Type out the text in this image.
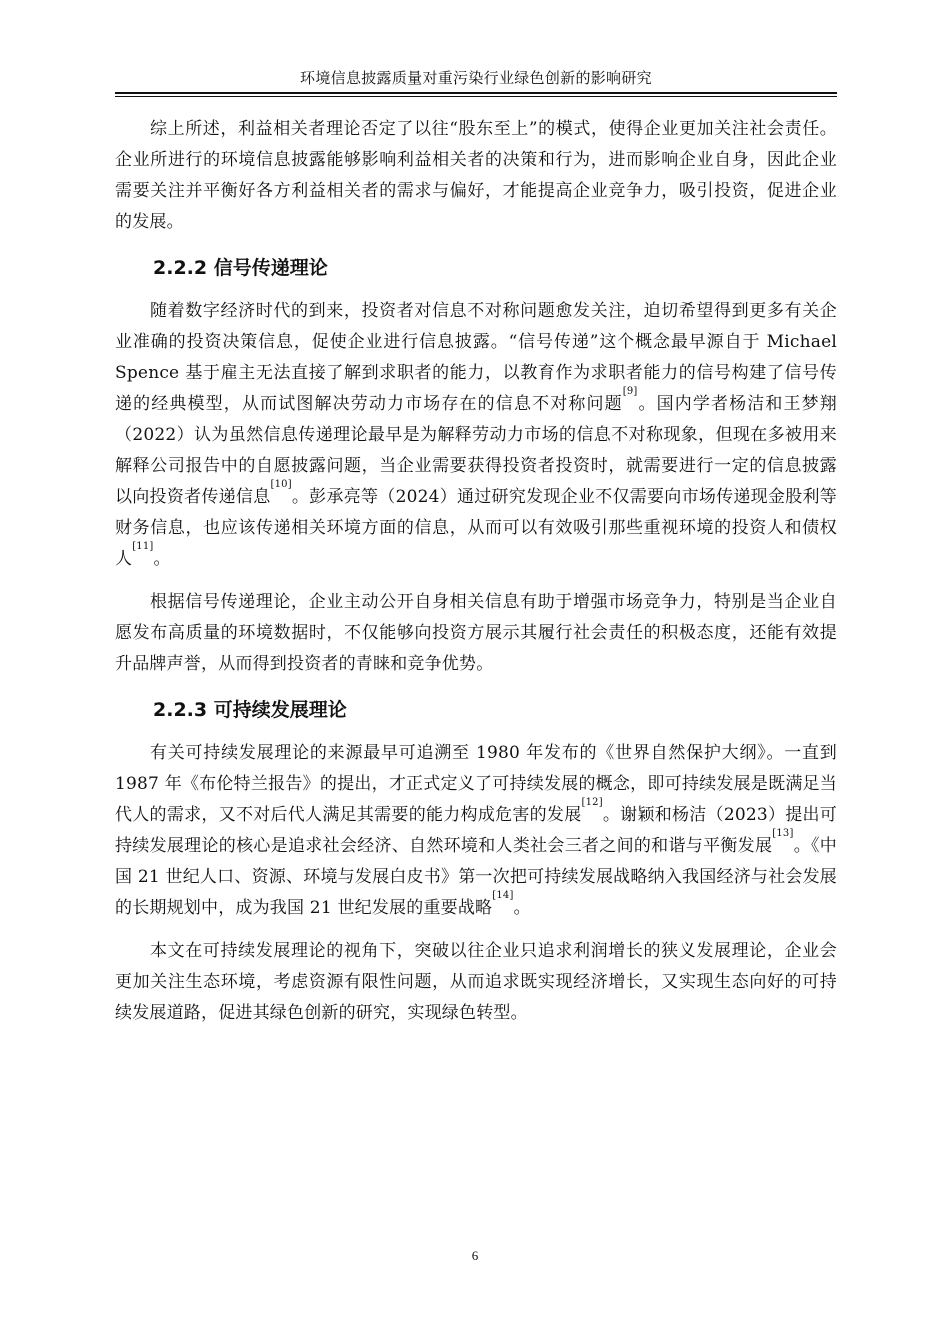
环境信息披露质量对重污染行业绿色创新的影响研究

综上所述，利益相关者理论否定了以往“股东至上”的模式，使得企业更加关注社会责任。企业所进行的环境信息披露能够影响利益相关者的决策和行为，进而影响企业自身，因此企业需要关注并平衡好各方利益相关者的需求与偏好，才能提高企业竞争力，吸引投资，促进企业的发展。

2.2.2 信号传递理论

随着数字经济时代的到来，投资者对信息不对称问题愈发关注，迫切希望得到更多有关企业准确的投资决策信息，促使企业进行信息披露。“信号传递”这个概念最早源自于 Michael Spence 基于雇主无法直接了解到求职者的能力，以教育作为求职者能力的信号构建了信号传递的经典模型，从而试图解决劳动力市场存在的信息不对称问题[9]。国内学者杨洁和王梦翔（2022）认为虽然信息传递理论最早是为解释劳动力市场的信息不对称现象，但现在多被用来解释公司报告中的自愿披露问题，当企业需要获得投资者投资时，就需要进行一定的信息披露以向投资者传递信息[10]。彭承亮等（2024）通过研究发现企业不仅需要向市场传递现金股利等财务信息，也应该传递相关环境方面的信息，从而可以有效吸引那些重视环境的投资人和债权人[11]。

根据信号传递理论，企业主动公开自身相关信息有助于增强市场竞争力，特别是当企业自愿发布高质量的环境数据时，不仅能够向投资方展示其履行社会责任的积极态度，还能有效提升品牌声誉，从而得到投资者的青睐和竞争优势。

2.2.3 可持续发展理论

有关可持续发展理论的来源最早可追溯至 1980 年发布的《世界自然保护大纲》。一直到 1987 年《布伦特兰报告》的提出，才正式定义了可持续发展的概念，即可持续发展是既满足当代人的需求，又不对后代人满足其需要的能力构成危害的发展[12]。谢颖和杨洁（2023）提出可持续发展理论的核心是追求社会经济、自然环境和人类社会三者之间的和谐与平衡发展[13]。《中国 21 世纪人口、资源、环境与发展白皮书》第一次把可持续发展战略纳入我国经济与社会发展的长期规划中，成为我国 21 世纪发展的重要战略[14]。

本文在可持续发展理论的视角下，突破以往企业只追求利润增长的狭义发展理论，企业会更加关注生态环境，考虑资源有限性问题，从而追求既实现经济增长，又实现生态向好的可持续发展道路，促进其绿色创新的研究，实现绿色转型。

6
